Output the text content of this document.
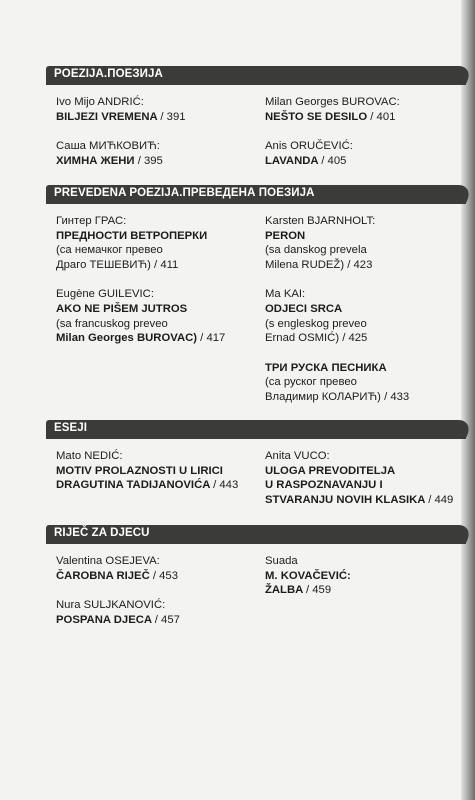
POEZIJA.ПОЕЗИЈА
Ivo Mijo ANDRIĆ:
BILJEZI VREMENA / 391
Саша МИЋКОВИЋ:
ХИМНА ЖЕНИ / 395
Milan Georges BUROVAC:
NEŠTO SE DESILO / 401
Anis ORUČEVIĆ:
LAVANDA / 405
PREVEDENA POEZIJA.ПРЕВЕДЕНА ПОЕЗИЈА
Гинтер ГРАС:
ПРЕДНОСТИ ВЕТРОПЕРКИ
(са немачког превео
Драго ТЕШЕВИЋ) / 411
Eugène GUILEVIC:
AKO NE PIŠEM JUTROS
(sa francuskog preveo
Milan Georges BUROVAC) / 417
Karsten BJARNHOLT:
PERON
(sa danskog prevela
Milena RUDEŽ) / 423
Ma KAI:
ODJECI SRCA
(s engleskog preveo
Ernad OSMIĆ) / 425
ТРИ РУСКА ПЕСНИКА
(са руског превео
Владимир КОЛАРИЋ) / 433
ESEJI
Mato NEDIĆ:
MOTIV PROLAZNOSTI U LIRICI
DRAGUTINA TADIJANOVIĆA / 443
Anita VUCO:
ULOGA PREVODITELJA
U RASPOZNAVANJU I
STVARANJU NOVIH KLASIKA / 449
RIJEČ ZA DJECU
Valentina OSEJEVA:
ČAROBNA RIJEČ / 453
Nura SULJKANOVIĆ:
POSPANA DJECA / 457
Suada
M. KOVAČEVIĆ:
ŽALBA / 459
